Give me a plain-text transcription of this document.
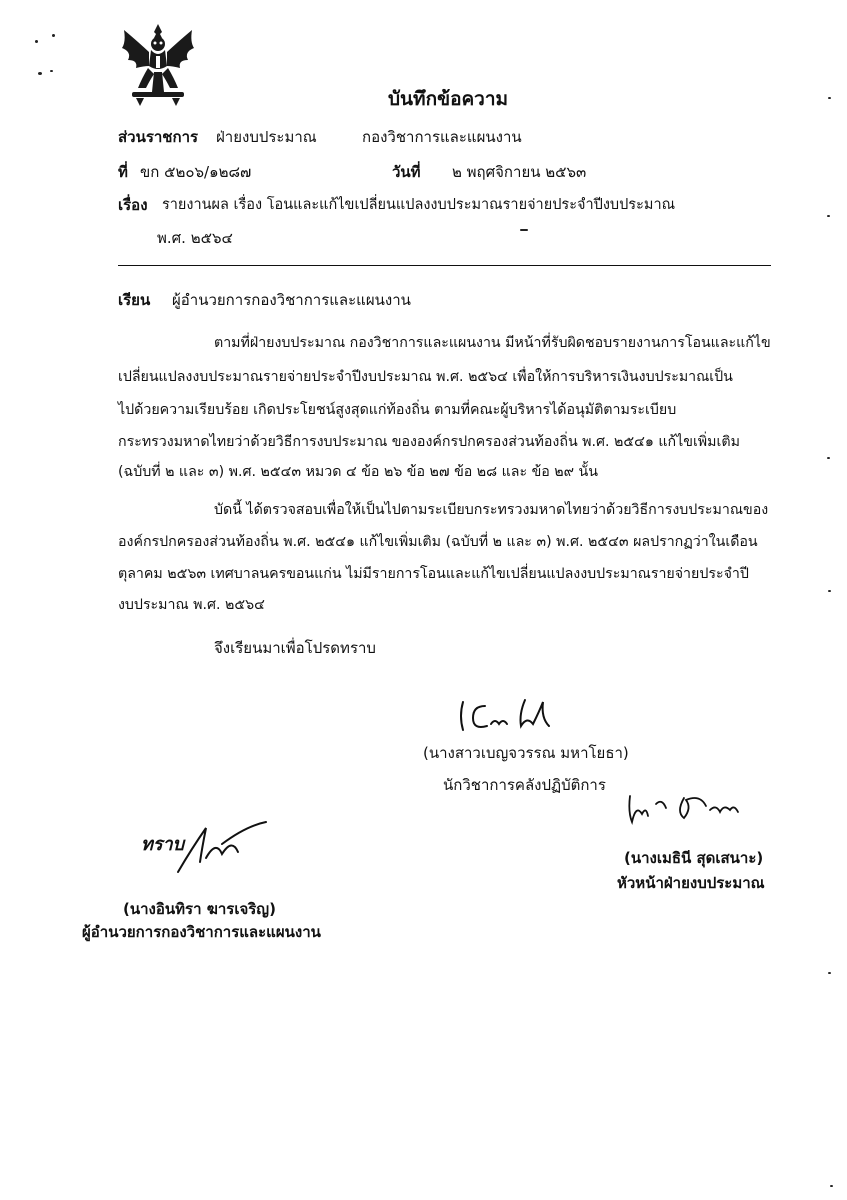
บันทึกข้อความ
ส่วนราชการ ฝ่ายงบประมาณ	กองวิชาการและแผนงาน
ที่ ขก ๕๒๐๖/๑๒๘๗	วันที่ ๒ พฤศจิกายน ๒๕๖๓
เรื่อง รายงานผล เรื่อง โอนและแก้ไขเปลี่ยนแปลงงบประมาณรายจ่ายประจำปีงบประมาณ
พ.ศ. ๒๕๖๔
เรียน ผู้อำนวยการกองวิชาการและแผนงาน
ตามที่ฝ่ายงบประมาณ กองวิชาการและแผนงาน มีหน้าที่รับผิดชอบรายงานการโอนและแก้ไข
เปลี่ยนแปลงงบประมาณรายจ่ายประจำปีงบประมาณ พ.ศ. ๒๕๖๔ เพื่อให้การบริหารเงินงบประมาณเป็น
ไปด้วยความเรียบร้อย เกิดประโยชน์สูงสุดแก่ท้องถิ่น ตามที่คณะผู้บริหารได้อนุมัติตามระเบียบ
กระทรวงมหาดไทยว่าด้วยวิธีการงบประมาณ ขององค์กรปกครองส่วนท้องถิ่น พ.ศ. ๒๕๔๑ แก้ไขเพิ่มเติม
(ฉบับที่ ๒ และ ๓) พ.ศ. ๒๕๔๓ หมวด ๔ ข้อ ๒๖ ข้อ ๒๗ ข้อ ๒๘ และ ข้อ ๒๙ นั้น
บัดนี้ ได้ตรวจสอบเพื่อให้เป็นไปตามระเบียบกระทรวงมหาดไทยว่าด้วยวิธีการงบประมาณของ
องค์กรปกครองส่วนท้องถิ่น พ.ศ. ๒๕๔๑ แก้ไขเพิ่มเติม (ฉบับที่ ๒ และ ๓) พ.ศ. ๒๕๔๓ ผลปรากฏว่าในเดือน
ตุลาคม ๒๕๖๓ เทศบาลนครขอนแก่น ไม่มีรายการโอนและแก้ไขเปลี่ยนแปลงงบประมาณรายจ่ายประจำปี
งบประมาณ พ.ศ. ๒๕๖๔
จึงเรียนมาเพื่อโปรดทราบ
(นางสาวเบญจวรรณ มหาโยธา)
นักวิชาการคลังปฏิบัติการ
(นางเมธินี สุดเสนาะ)
หัวหน้าฝ่ายงบประมาณ
ทราบ
(นางอินทิรา ฆารเจริญ)
ผู้อำนวยการกองวิชาการและแผนงาน
